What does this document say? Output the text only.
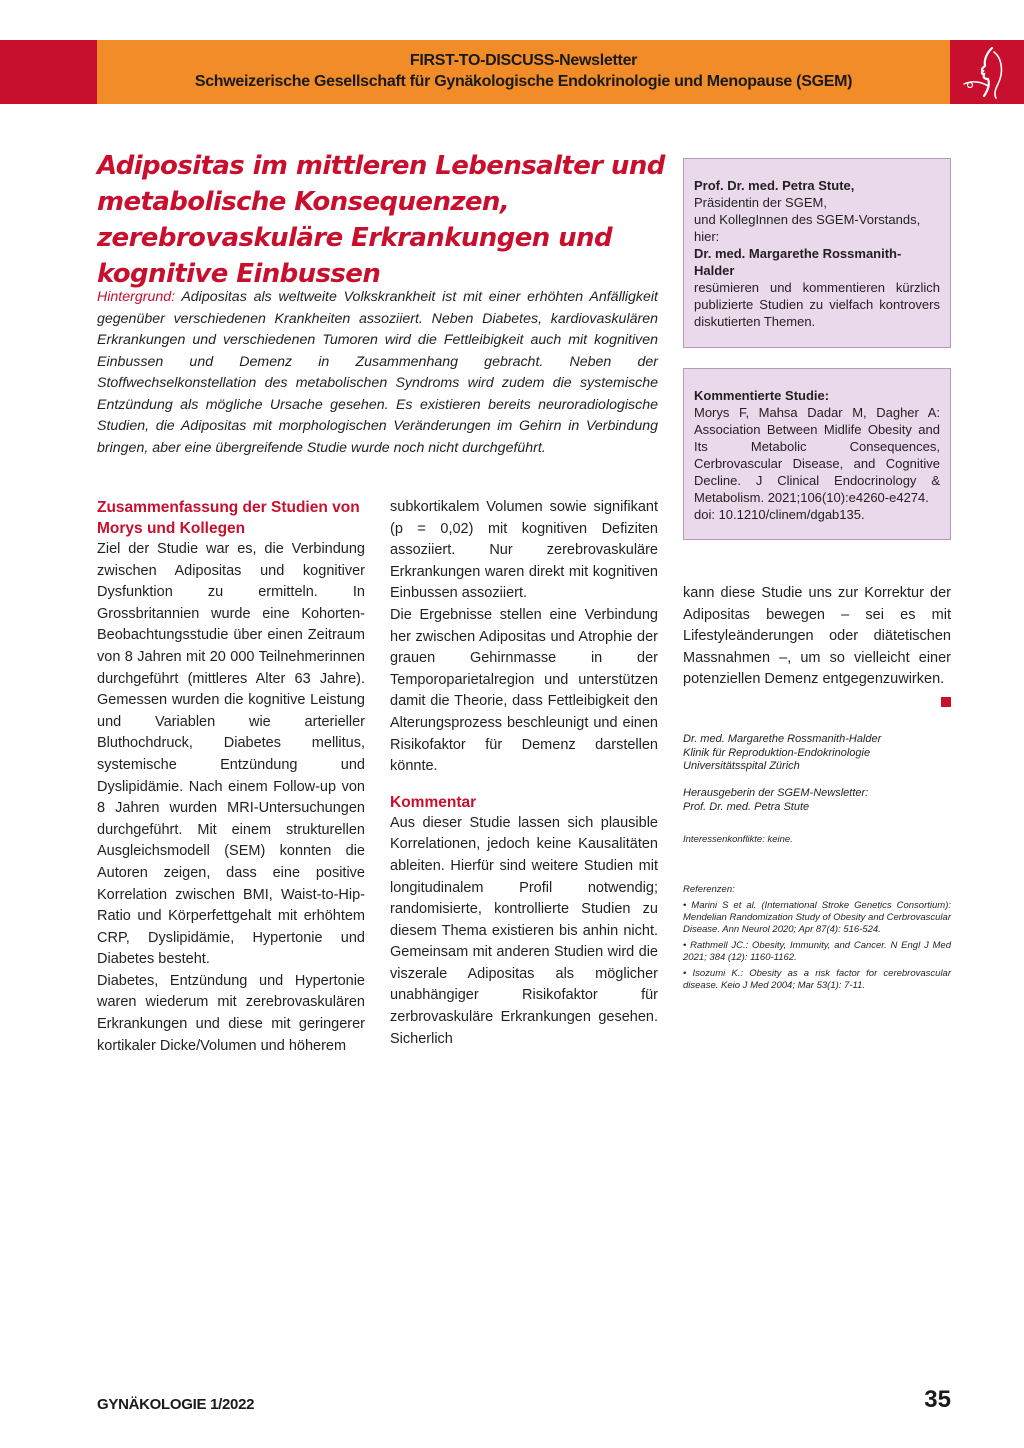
FIRST-TO-DISCUSS-Newsletter
Schweizerische Gesellschaft für Gynäkologische Endokrinologie und Menopause (SGEM)
Adipositas im mittleren Lebensalter und metabolische Konsequenzen, zerebrovaskuläre Erkrankungen und kognitive Einbussen
Hintergrund: Adipositas als weltweite Volkskrankheit ist mit einer erhöhten Anfälligkeit gegenüber verschiedenen Krankheiten assoziiert. Neben Diabetes, kardiovaskulären Erkrankungen und verschiedenen Tumoren wird die Fettleibigkeit auch mit kognitiven Einbussen und Demenz in Zusammenhang gebracht. Neben der Stoffwechselkonstellation des metabolischen Syndroms wird zudem die systemische Entzündung als mögliche Ursache gesehen. Es existieren bereits neuroradiologische Studien, die Adipositas mit morphologischen Veränderungen im Gehirn in Verbindung bringen, aber eine übergreifende Studie wurde noch nicht durchgeführt.
Zusammenfassung der Studien von Morys und Kollegen

Ziel der Studie war es, die Verbindung zwischen Adipositas und kognitiver Dysfunktion zu ermitteln. In Grossbritannien wurde eine Kohorten-Beobachtungsstudie über einen Zeitraum von 8 Jahren mit 20 000 Teilnehmerinnen durchgeführt (mittleres Alter 63 Jahre). Gemessen wurden die kognitive Leistung und Variablen wie arterieller Bluthochdruck, Diabetes mellitus, systemische Entzündung und Dyslipidämie. Nach einem Follow-up von 8 Jahren wurden MRI-Untersuchungen durchgeführt. Mit einem strukturellen Ausgleichsmodell (SEM) konnten die Autoren zeigen, dass eine positive Korrelation zwischen BMI, Waist-to-Hip-Ratio und Körperfettgehalt mit erhöhtem CRP, Dyslipidämie, Hypertonie und Diabetes besteht.

Diabetes, Entzündung und Hypertonie waren wiederum mit zerebrovaskulären Erkrankungen und diese mit geringerer kortikaler Dicke/Volumen und höherem

subkortikalem Volumen sowie signifikant (p = 0,02) mit kognitiven Defiziten assoziiert. Nur zerebrovaskuläre Erkrankungen waren direkt mit kognitiven Einbussen assoziiert.

Die Ergebnisse stellen eine Verbindung her zwischen Adipositas und Atrophie der grauen Gehirnmasse in der Temporoparietalregion und unterstützen damit die Theorie, dass Fettleibigkeit den Alterungsprozess beschleunigt und einen Risikofaktor für Demenz darstellen könnte.

Kommentar

Aus dieser Studie lassen sich plausible Korrelationen, jedoch keine Kausalitäten ableiten. Hierfür sind weitere Studien mit longitudinalem Profil notwendig; randomisierte, kontrollierte Studien zu diesem Thema existieren bis anhin nicht. Gemeinsam mit anderen Studien wird die viszerale Adipositas als möglicher unabhängiger Risikofaktor für zerbrovaskuläre Erkrankungen gesehen. Sicherlich

kann diese Studie uns zur Korrektur der Adipositas bewegen – sei es mit Lifestyleänderungen oder diätetischen Massnahmen –, um so vielleicht einer potenziellen Demenz entgegenzuwirken.

Prof. Dr. med. Petra Stute,
Präsidentin der SGEM,
und KollegInnen des SGEM-Vorstands,
hier:
Dr. med. Margarethe Rossmanith-Halder
resümieren und kommentieren kürzlich publizierte Studien zu vielfach kontrovers diskutierten Themen.
Kommentierte Studie:
Morys F, Mahsa Dadar M, Dagher A: Association Between Midlife Obesity and Its Metabolic Consequences, Cerbrovascular Disease, and Cognitive Decline. J Clinical Endocrinology & Metabolism. 2021;106(10):e4260-e4274.
doi: 10.1210/clinem/dgab135.
Dr. med. Margarethe Rossmanith-Halder
Klinik für Reproduktion-Endokrinologie
Universitätsspital Zürich
Herausgeberin der SGEM-Newsletter:
Prof. Dr. med. Petra Stute
Interessenkonflikte: keine.
Referenzen:
• Marini S et al. (International Stroke Genetics Consortium): Mendelian Randomization Study of Obesity and Cerbrovascular Disease. Ann Neurol 2020; Apr 87(4): 516-524.
• Rathmell JC.: Obesity, Immunity, and Cancer. N Engl J Med 2021; 384 (12): 1160-1162.
• Isozumi K.: Obesity as a risk factor for cerebrovascular disease. Keio J Med 2004; Mar 53(1): 7-11.
GYNÄKOLOGIE 1/2022	35
